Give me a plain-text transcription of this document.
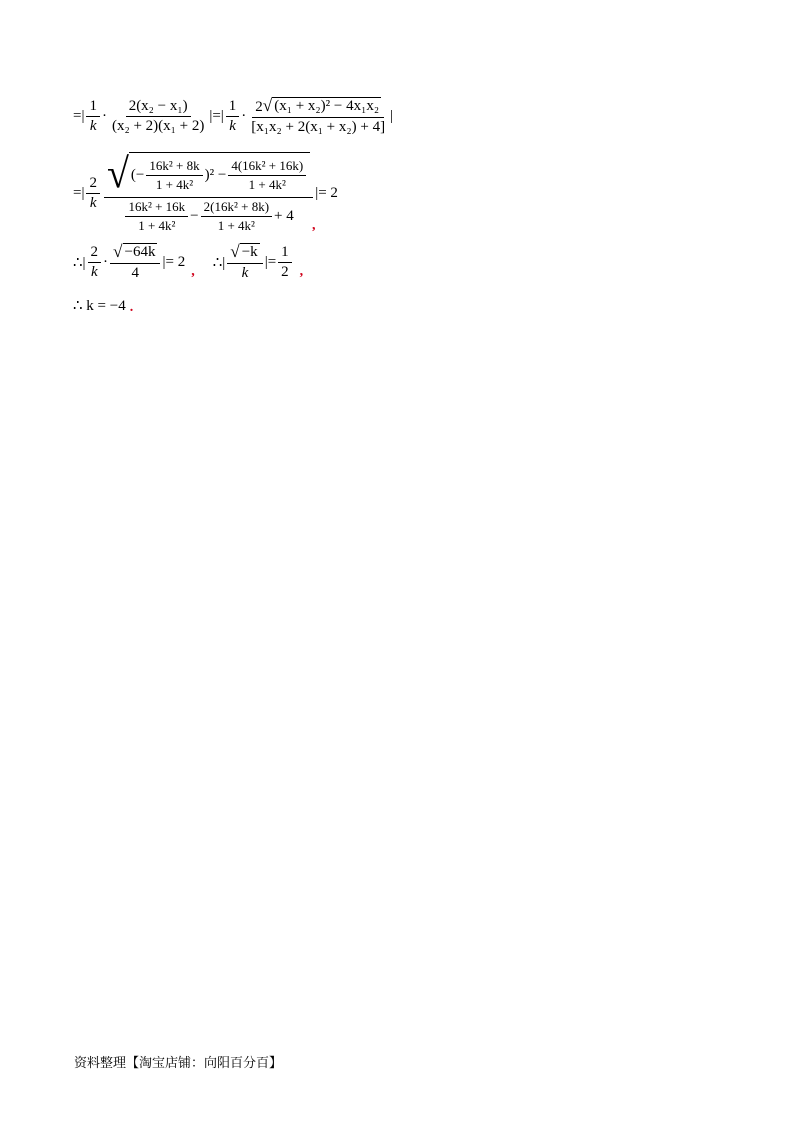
=| $\frac{1}{k} \cdot \frac{\text{2(x₂ − x₁)}}{\text{(x₂ + 2)(x₁ + 2)}}$ |=| $\frac{1}{k} \cdot \frac{\text{2 √ (x₁ + x₂)² − 4x₁x₂}}{\text{[x₁x₂ + 2(x₁ + x₂) + 4]}}$ |
=| $\frac{2}{k}$ √ (− $\frac{\text{16k² + 8k}}{\text{1 + 4k²}} )^2 - \frac{\text{4(16k² + 16k)}}{\text{1 + 4k²}}$
$\frac{\text{16k² + 16k}}{\text{1 + 4k²}} - \frac{\text{2(16k² + 8k)}}{\text{1 + 4k²}} + 4$
|= 2
,
∴| $\frac{2}{k} \cdot \frac{√ -64k}{4}$ |= 2
, ∴| $\frac{√ -k}{k}$ |= $\frac{1}{2}$ ,
∴ k = −4 .
资料整理【淘宝店铺：向阳百分百】
